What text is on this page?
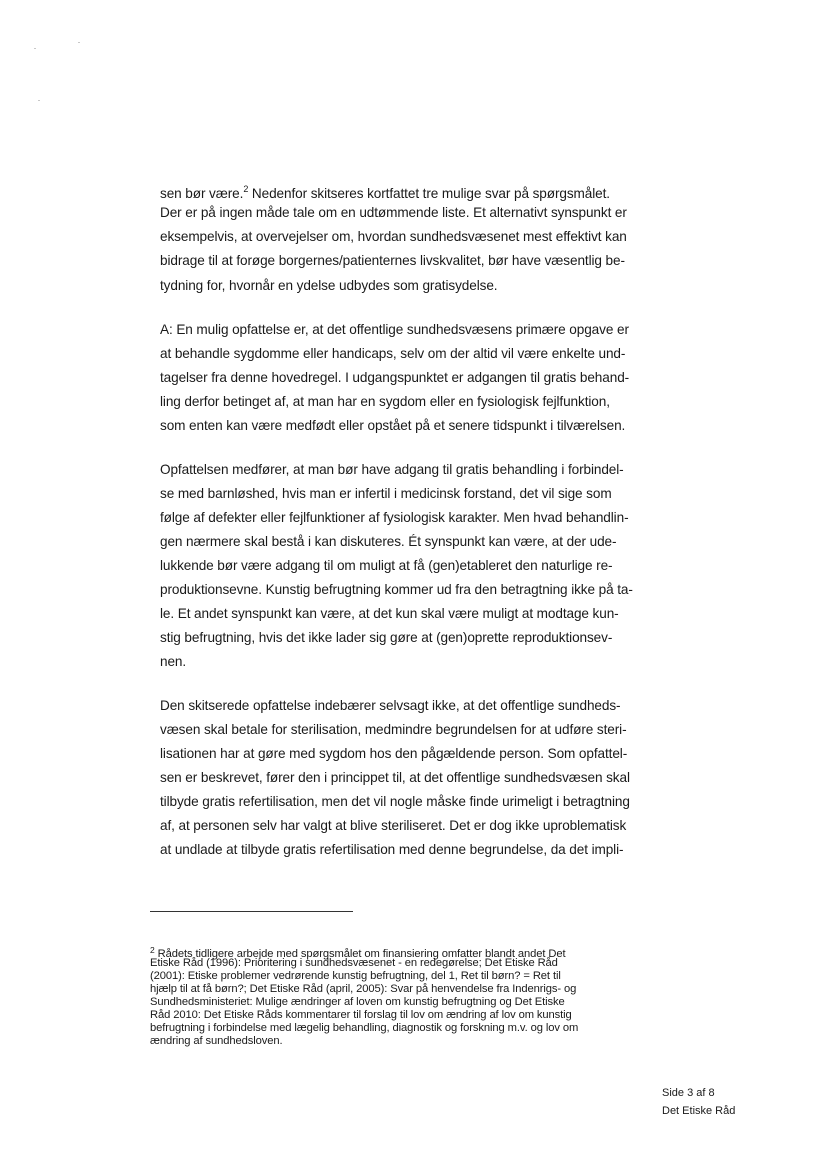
sen bør være.$^2$ Nedenfor skitseres kortfattet tre mulige svar på spørgsmålet.
Der er på ingen måde tale om en udtømmende liste. Et alternativt synspunkt er
eksempelvis, at overvejelser om, hvordan sundhedsvæsenet mest effektivt kan
bidrage til at forøge borgernes/patienternes livskvalitet, bør have væsentlig be-
tydning for, hvornår en ydelse udbydes som gratisydelse.
A: En mulig opfattelse er, at det offentlige sundhedsvæsens primære opgave er
at behandle sygdomme eller handicaps, selv om der altid vil være enkelte und-
tagelser fra denne hovedregel. I udgangspunktet er adgangen til gratis behand-
ling derfor betinget af, at man har en sygdom eller en fysiologisk fejlfunktion,
som enten kan være medfødt eller opstået på et senere tidspunkt i tilværelsen.
Opfattelsen medfører, at man bør have adgang til gratis behandling i forbindel-
se med barnløshed, hvis man er infertil i medicinsk forstand, det vil sige som
følge af defekter eller fejlfunktioner af fysiologisk karakter. Men hvad behandlin-
gen nærmere skal bestå i kan diskuteres. Ét synspunkt kan være, at der ude-
lukkende bør være adgang til om muligt at få (gen)etableret den naturlige re-
produktionsevne. Kunstig befrugtning kommer ud fra den betragtning ikke på ta-
le. Et andet synspunkt kan være, at det kun skal være muligt at modtage kun-
stig befrugtning, hvis det ikke lader sig gøre at (gen)oprette reproduktionsev-
nen.
Den skitserede opfattelse indebærer selvsagt ikke, at det offentlige sundheds-
væsen skal betale for sterilisation, medmindre begrundelsen for at udføre steri-
lisationen har at gøre med sygdom hos den pågældende person. Som opfattel-
sen er beskrevet, fører den i princippet til, at det offentlige sundhedsvæsen skal
tilbyde gratis refertilisation, men det vil nogle måske finde urimeligt i betragtning
af, at personen selv har valgt at blive steriliseret. Det er dog ikke uproblematisk
at undlade at tilbyde gratis refertilisation med denne begrundelse, da det impli-
$^2$ Rådets tidligere arbejde med spørgsmålet om finansiering omfatter blandt andet Det
Etiske Råd (1996): Prioritering i sundhedsvæsenet - en redegørelse; Det Etiske Råd
(2001): Etiske problemer vedrørende kunstig befrugtning, del 1, Ret til børn? = Ret til
hjælp til at få børn?; Det Etiske Råd (april, 2005): Svar på henvendelse fra Indenrigs- og
Sundhedsministeriet: Mulige ændringer af loven om kunstig befrugtning og Det Etiske
Råd 2010: Det Etiske Råds kommentarer til forslag til lov om ændring af lov om kunstig
befrugtning i forbindelse med lægelig behandling, diagnostik og forskning m.v. og lov om
ændring af sundhedsloven.
Side 3 af 8
Det Etiske Råd
